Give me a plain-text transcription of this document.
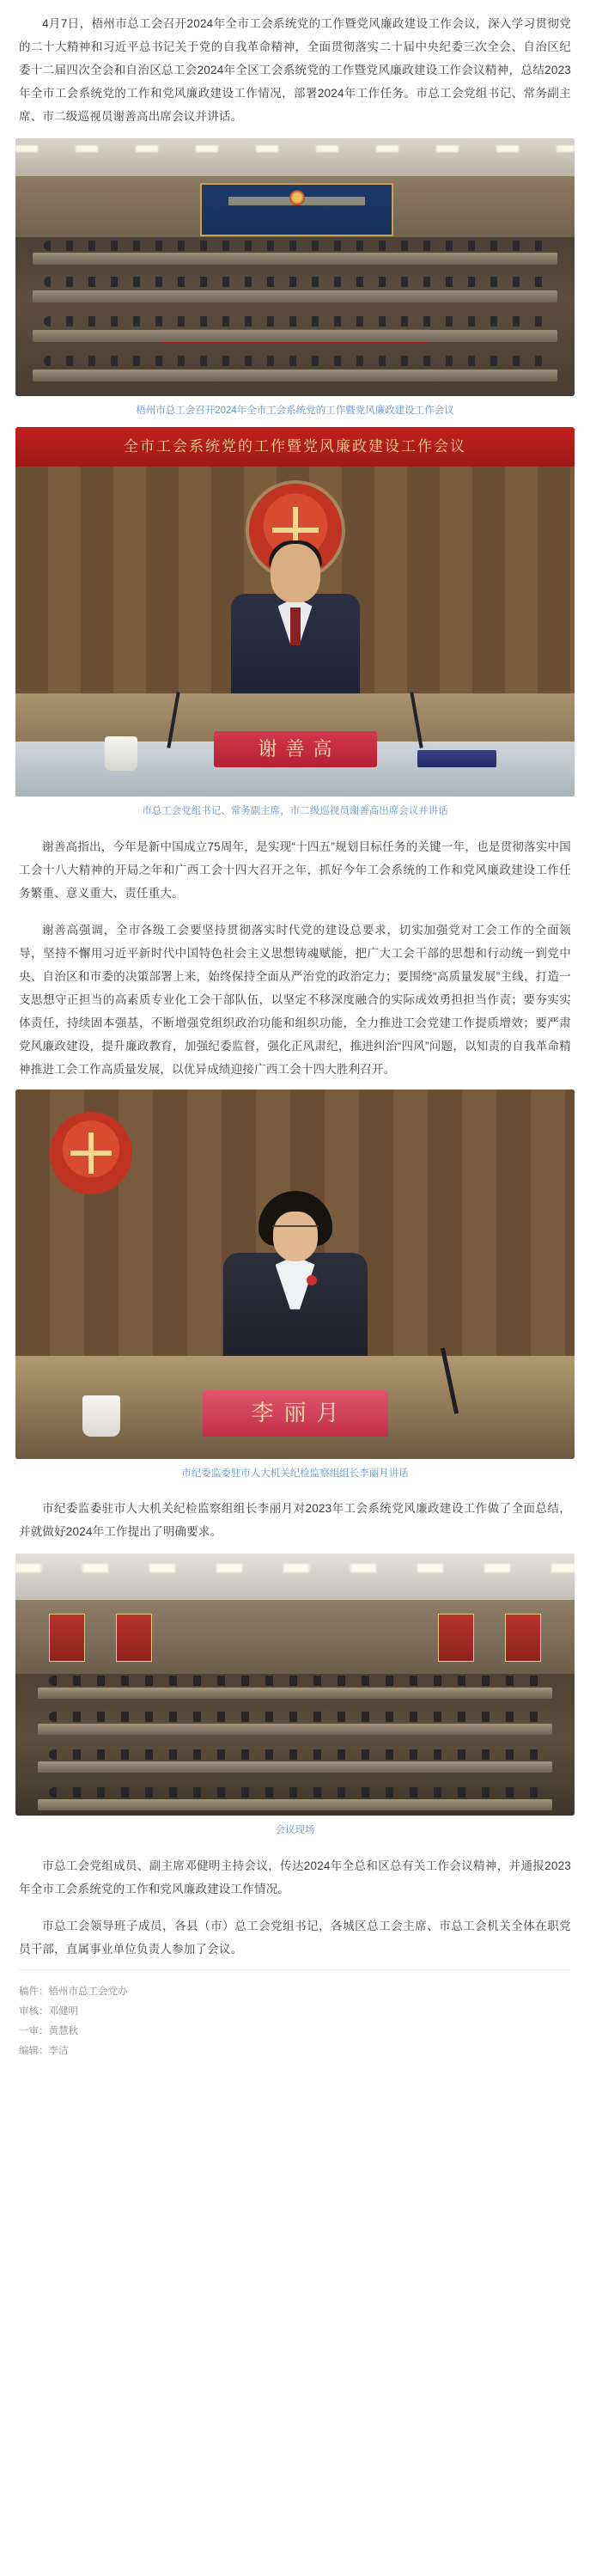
4月7日，梧州市总工会召开2024年全市工会系统党的工作暨党风廉政建设工作会议，深入学习贯彻党的二十大精神和习近平总书记关于党的自我革命精神，全面贯彻落实二十届中央纪委三次全会、自治区纪委十二届四次全会和自治区总工会2024年全区工会系统党的工作暨党风廉政建设工作会议精神，总结2023年全市工会系统党的工作和党风廉政建设工作情况，部署2024年工作任务。市总工会党组书记、常务副主席、市二级巡视员谢善高出席会议并讲话。

梧州市总工会召开2024年全市工会系统党的工作暨党风廉政建设工作会议
全市工会系统党的工作暨党风廉政建设工作会议
谢善高
市总工会党组书记、常务副主席，市二级巡视员谢善高出席会议并讲话

谢善高指出，今年是新中国成立75周年，是实现“十四五”规划目标任务的关键一年，也是贯彻落实中国工会十八大精神的开局之年和广西工会十四大召开之年，抓好今年工会系统的工作和党风廉政建设工作任务繁重、意义重大、责任重大。

谢善高强调，全市各级工会要坚持贯彻落实时代党的建设总要求，切实加强党对工会工作的全面领导，坚持不懈用习近平新时代中国特色社会主义思想铸魂赋能，把广大工会干部的思想和行动统一到党中央、自治区和市委的决策部署上来，始终保持全面从严治党的政治定力；要围绕“高质量发展”主线，打造一支思想守正担当的高素质专业化工会干部队伍，以坚定不移深度融合的实际成效勇担担当作责；要夯实实体责任，持续固本强基，不断增强党组织政治功能和组织功能，全力推进工会党建工作提质增效；要严肃党风廉政建设，提升廉政教育，加强纪委监督，强化正风肃纪，推进纠治“四风”问题，以知责的自我革命精神推进工会工作高质量发展，以优异成绩迎接广西工会十四大胜利召开。

李丽月
市纪委监委驻市人大机关纪检监察组组长李丽月讲话

市纪委监委驻市人大机关纪检监察组组长李丽月对2023年工会系统党风廉政建设工作做了全面总结，并就做好2024年工作提出了明确要求。

会议现场

市总工会党组成员、副主席邓健明主持会议，传达2024年全总和区总有关工作会议精神，并通报2023年全市工会系统党的工作和党风廉政建设工作情况。

市总工会领导班子成员，各县（市）总工会党组书记，各城区总工会主席、市总工会机关全体在职党员干部，直属事业单位负责人参加了会议。

稿件：梧州市总工会党办
审核：邓健明
一审：黄慧秋
编辑：李洁
